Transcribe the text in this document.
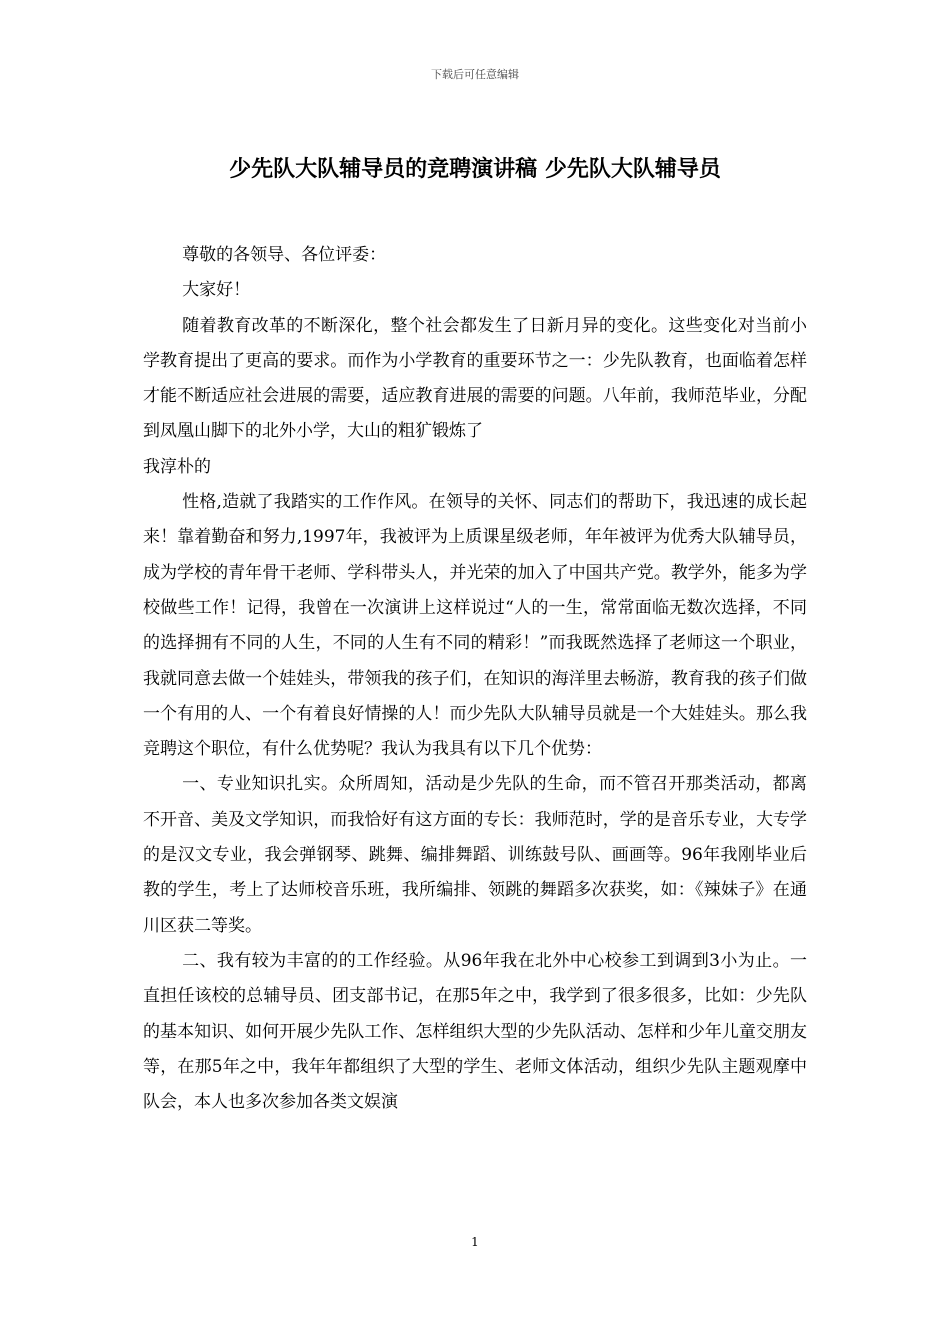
下载后可任意编辑
少先队大队辅导员的竞聘演讲稿 少先队大队辅导员

尊敬的各领导、各位评委：

大家好！

随着教育改革的不断深化，整个社会都发生了日新月异的变化。这些变化对当前小学教育提出了更高的要求。而作为小学教育的重要环节之一：少先队教育，也面临着怎样才能不断适应社会进展的需要，适应教育进展的需要的问题。八年前，我师范毕业，分配到凤凰山脚下的北外小学，大山的粗犷锻炼了

我淳朴的

性格,造就了我踏实的工作作风。在领导的关怀、同志们的帮助下，我迅速的成长起来！靠着勤奋和努力,1997年，我被评为上质课星级老师，年年被评为优秀大队辅导员，成为学校的青年骨干老师、学科带头人，并光荣的加入了中国共产党。教学外，能多为学校做些工作！记得，我曾在一次演讲上这样说过“人的一生，常常面临无数次选择，不同的选择拥有不同的人生，不同的人生有不同的精彩！”而我既然选择了老师这一个职业，我就同意去做一个娃娃头，带领我的孩子们，在知识的海洋里去畅游，教育我的孩子们做一个有用的人、一个有着良好情操的人！而少先队大队辅导员就是一个大娃娃头。那么我竞聘这个职位，有什么优势呢？我认为我具有以下几个优势：

一、专业知识扎实。众所周知，活动是少先队的生命，而不管召开那类活动，都离不开音、美及文学知识，而我恰好有这方面的专长：我师范时，学的是音乐专业，大专学的是汉文专业，我会弹钢琴、跳舞、编排舞蹈、训练鼓号队、画画等。96年我刚毕业后教的学生，考上了达师校音乐班，我所编排、领跳的舞蹈多次获奖，如：《辣妹子》在通川区获二等奖。

二、我有较为丰富的的工作经验。从96年我在北外中心校参工到调到3小为止。一直担任该校的总辅导员、团支部书记，在那5年之中，我学到了很多很多，比如：少先队的基本知识、如何开展少先队工作、怎样组织大型的少先队活动、怎样和少年儿童交朋友等，在那5年之中，我年年都组织了大型的学生、老师文体活动，组织少先队主题观摩中队会，本人也多次参加各类文娱演

1
